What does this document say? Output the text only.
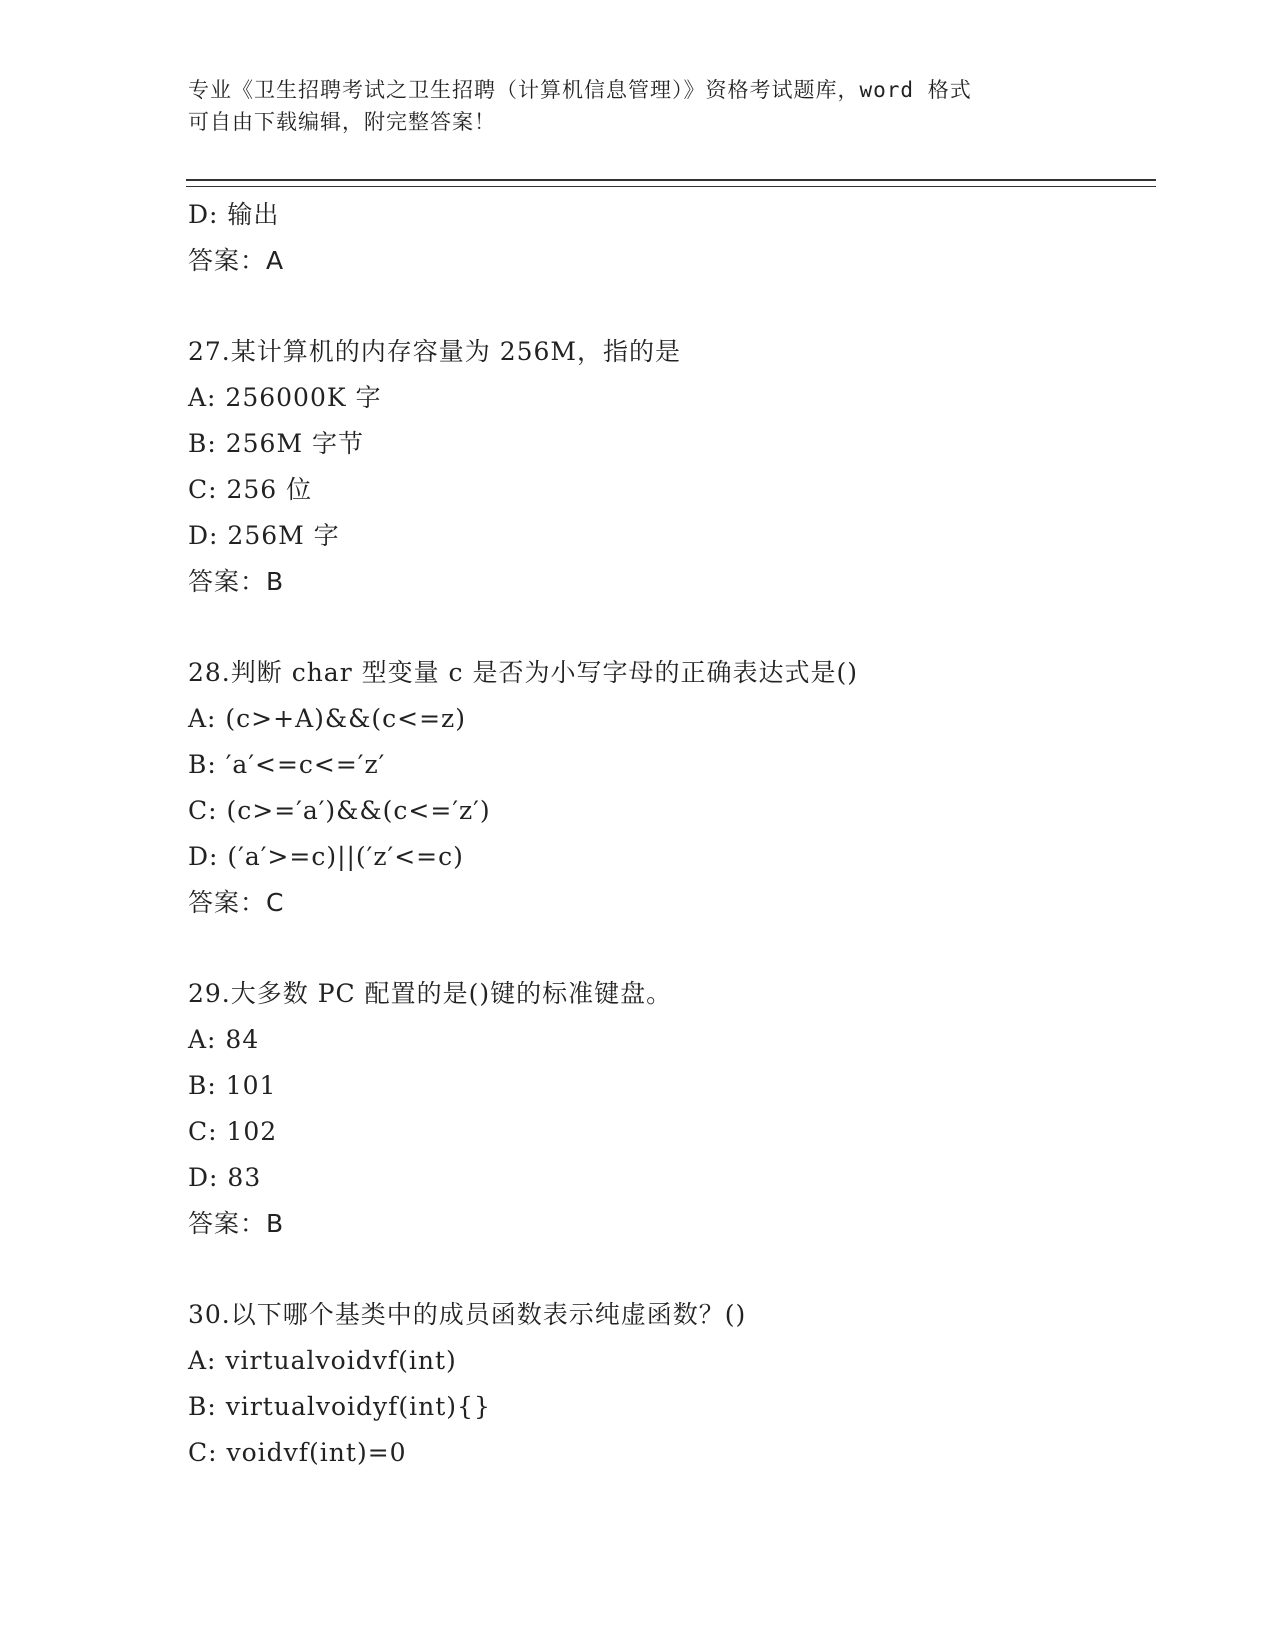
专业《卫生招聘考试之卫生招聘（计算机信息管理）》资格考试题库，word 格式
可自由下载编辑，附完整答案！
D: 输出
答案：A
27.某计算机的内存容量为 256M，指的是
A: 256000K 字
B: 256M 字节
C: 256 位
D: 256M 字
答案：B
28.判断 char 型变量 c 是否为小写字母的正确表达式是()
A: (c>+A)&&(c<=z)
B: ′a′<=c<=′z′
C: (c>=′a′)&&(c<=′z′)
D: (′a′>=c)||(′z′<=c)
答案：C
29.大多数 PC 配置的是()键的标准键盘。
A: 84
B: 101
C: 102
D: 83
答案：B
30.以下哪个基类中的成员函数表示纯虚函数？()
A: virtualvoidvf(int)
B: virtualvoidyf(int){}
C: voidvf(int)=0
